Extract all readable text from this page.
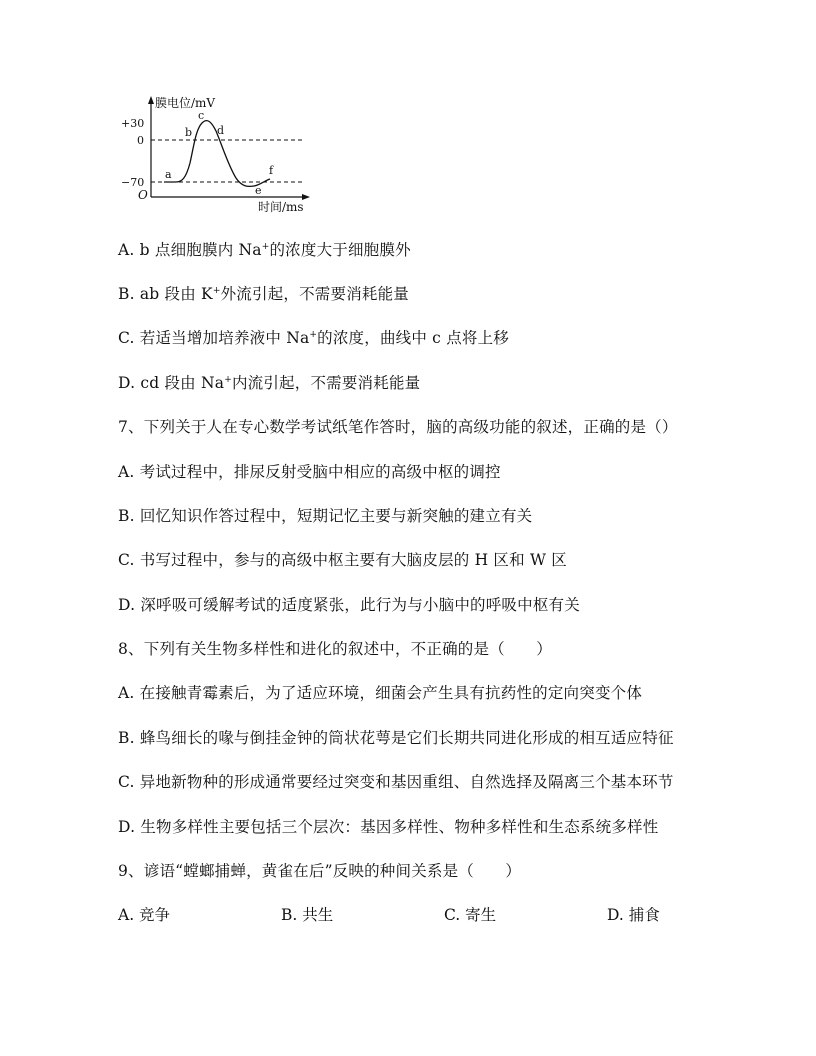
膜电位/mV
时间/ms
+30
0
−70
O
a
b
c
d
e
f
A. b 点细胞膜内 Na+的浓度大于细胞膜外
B. ab 段由 K+外流引起，不需要消耗能量
C. 若适当增加培养液中 Na+的浓度，曲线中 c 点将上移
D. cd 段由 Na+内流引起，不需要消耗能量
7、下列关于人在专心数学考试纸笔作答时，脑的高级功能的叙述，正确的是（）
A. 考试过程中，排尿反射受脑中相应的高级中枢的调控
B. 回忆知识作答过程中，短期记忆主要与新突触的建立有关
C. 书写过程中，参与的高级中枢主要有大脑皮层的 H 区和 W 区
D. 深呼吸可缓解考试的适度紧张，此行为与小脑中的呼吸中枢有关
8、下列有关生物多样性和进化的叙述中，不正确的是（　　）
A. 在接触青霉素后，为了适应环境，细菌会产生具有抗药性的定向突变个体
B. 蜂鸟细长的喙与倒挂金钟的筒状花萼是它们长期共同进化形成的相互适应特征
C. 异地新物种的形成通常要经过突变和基因重组、自然选择及隔离三个基本环节
D. 生物多样性主要包括三个层次：基因多样性、物种多样性和生态系统多样性
9、谚语“螳螂捕蝉，黄雀在后”反映的种间关系是（　　）
A. 竞争	B. 共生	C. 寄生	D. 捕食
